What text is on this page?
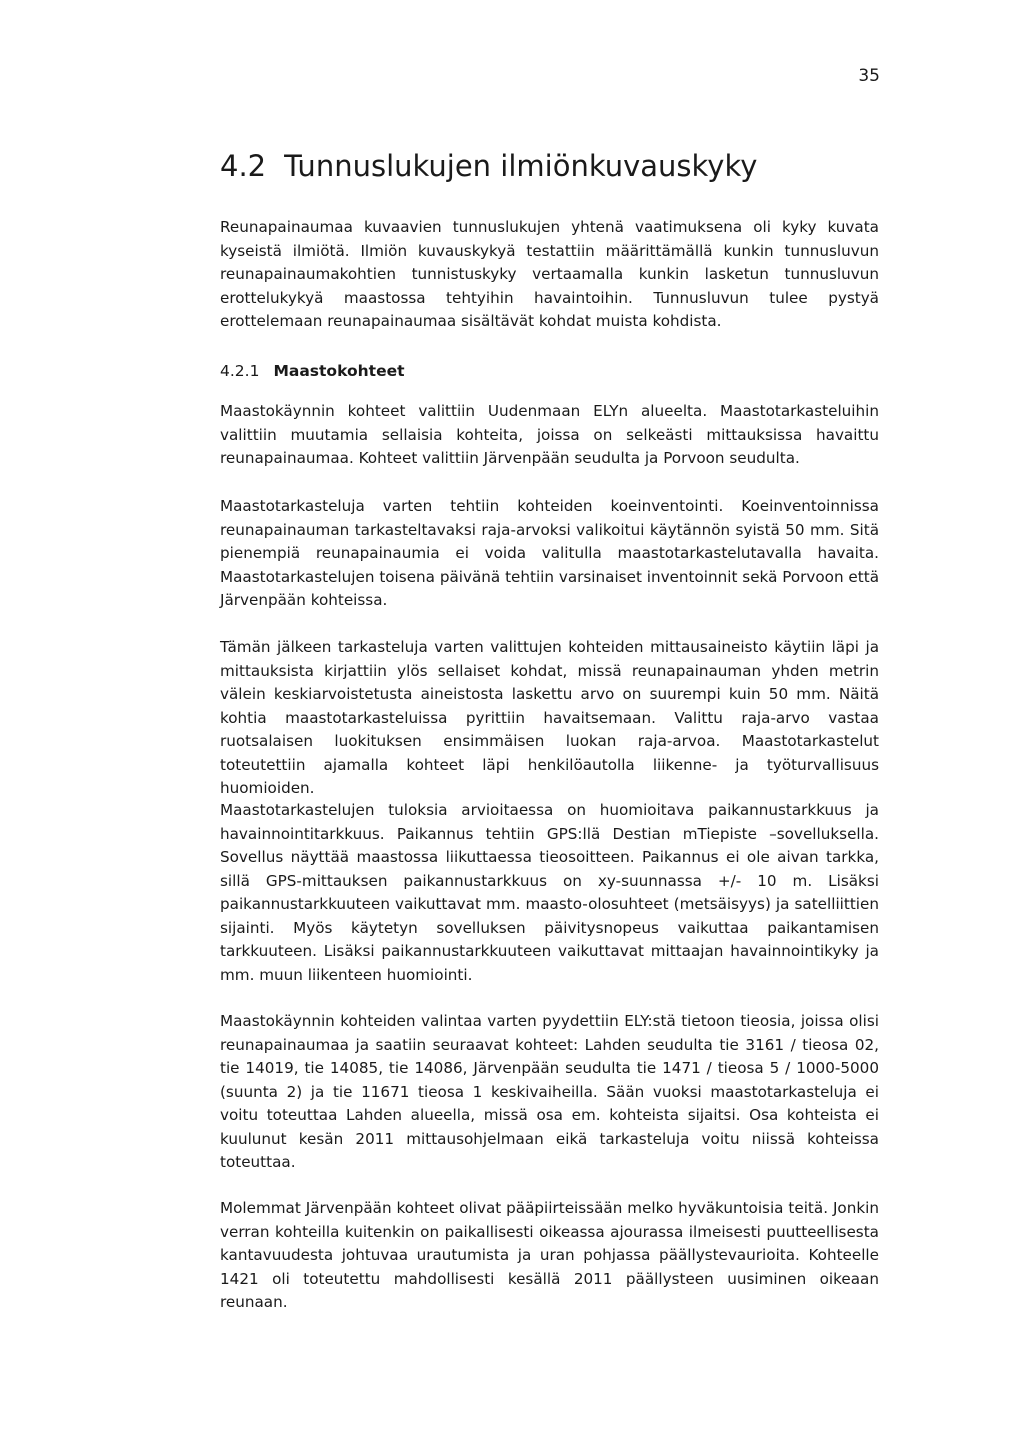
35
4.2 Tunnuslukujen ilmiönkuvauskyky

Reunapainaumaa kuvaavien tunnuslukujen yhtenä vaatimuksena oli kyky kuvata kyseistä ilmiötä. Ilmiön kuvauskykyä testattiin määrittämällä kunkin tunnusluvun reunapainaumakohtien tunnistuskyky vertaamalla kunkin lasketun tunnusluvun erottelukykyä maastossa tehtyihin havaintoihin. Tunnusluvun tulee pystyä erottelemaan reunapainaumaa sisältävät kohdat muista kohdista.

4.2.1 Maastokohteet

Maastokäynnin kohteet valittiin Uudenmaan ELYn alueelta. Maastotarkasteluihin valittiin muutamia sellaisia kohteita, joissa on selkeästi mittauksissa havaittu reunapainaumaa. Kohteet valittiin Järvenpään seudulta ja Porvoon seudulta.

Maastotarkasteluja varten tehtiin kohteiden koeinventointi. Koeinventoinnissa reunapainauman tarkasteltavaksi raja-arvoksi valikoitui käytännön syistä 50 mm. Sitä pienempiä reunapainaumia ei voida valitulla maastotarkastelutavalla havaita. Maastotarkastelujen toisena päivänä tehtiin varsinaiset inventoinnit sekä Porvoon että Järvenpään kohteissa.

Tämän jälkeen tarkasteluja varten valittujen kohteiden mittausaineisto käytiin läpi ja mittauksista kirjattiin ylös sellaiset kohdat, missä reunapainauman yhden metrin välein keskiarvoistetusta aineistosta laskettu arvo on suurempi kuin 50 mm. Näitä kohtia maastotarkasteluissa pyrittiin havaitsemaan. Valittu raja-arvo vastaa ruotsalaisen luokituksen ensimmäisen luokan raja-arvoa. Maastotarkastelut toteutettiin ajamalla kohteet läpi henkilöautolla liikenne- ja työturvallisuus huomioiden.

Maastotarkastelujen tuloksia arvioitaessa on huomioitava paikannustarkkuus ja havainnointitarkkuus. Paikannus tehtiin GPS:llä Destian mTiepiste –sovelluksella. Sovellus näyttää maastossa liikuttaessa tieosoitteen. Paikannus ei ole aivan tarkka, sillä GPS-mittauksen paikannustarkkuus on xy-suunnassa +/- 10 m. Lisäksi paikannustarkkuuteen vaikuttavat mm. maasto-olosuhteet (metsäisyys) ja satelliittien sijainti. Myös käytetyn sovelluksen päivitysnopeus vaikuttaa paikantamisen tarkkuuteen. Lisäksi paikannustarkkuuteen vaikuttavat mittaajan havainnointikyky ja mm. muun liikenteen huomiointi.

Maastokäynnin kohteiden valintaa varten pyydettiin ELY:stä tietoon tieosia, joissa olisi reunapainaumaa ja saatiin seuraavat kohteet: Lahden seudulta tie 3161 / tieosa 02, tie 14019, tie 14085, tie 14086, Järvenpään seudulta tie 1471 / tieosa 5 / 1000-5000 (suunta 2) ja tie 11671 tieosa 1 keskivaiheilla. Sään vuoksi maastotarkasteluja ei voitu toteuttaa Lahden alueella, missä osa em. kohteista sijaitsi. Osa kohteista ei kuulunut kesän 2011 mittausohjelmaan eikä tarkasteluja voitu niissä kohteissa toteuttaa.

Molemmat Järvenpään kohteet olivat pääpiirteissään melko hyväkuntoisia teitä. Jonkin verran kohteilla kuitenkin on paikallisesti oikeassa ajourassa ilmeisesti puutteellisesta kantavuudesta johtuvaa urautumista ja uran pohjassa päällystevaurioita. Kohteelle 1421 oli toteutettu mahdollisesti kesällä 2011 päällysteen uusiminen oikeaan reunaan.
